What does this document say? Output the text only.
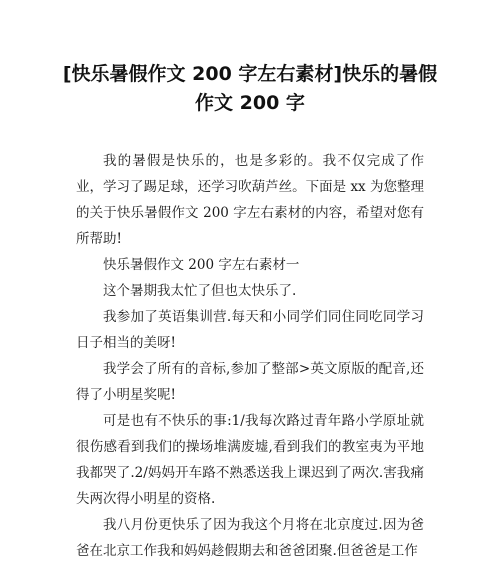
[快乐暑假作文 200 字左右素材]快乐的暑假作文 200 字

我的暑假是快乐的，也是多彩的。我不仅完成了作业，学习了踢足球，还学习吹葫芦丝。下面是 xx 为您整理的关于快乐暑假作文 200 字左右素材的内容，希望对您有所帮助!

快乐暑假作文 200 字左右素材一

这个暑期我太忙了但也太快乐了.

我参加了英语集训营.每天和小同学们同住同吃同学习日子相当的美呀!

我学会了所有的音标,参加了整部>英文原版的配音,还得了小明星奖呢!

可是也有不快乐的事:1/我每次路过青年路小学原址就很伤感看到我们的操场堆满废墟,看到我们的教室夷为平地我都哭了.2/妈妈开车路不熟悉送我上课迟到了两次.害我痛失两次得小明星的资格.

我八月份更快乐了因为我这个月将在北京度过.因为爸爸在北京工作我和妈妈趁假期去和爸爸团聚.但爸爸是工作
